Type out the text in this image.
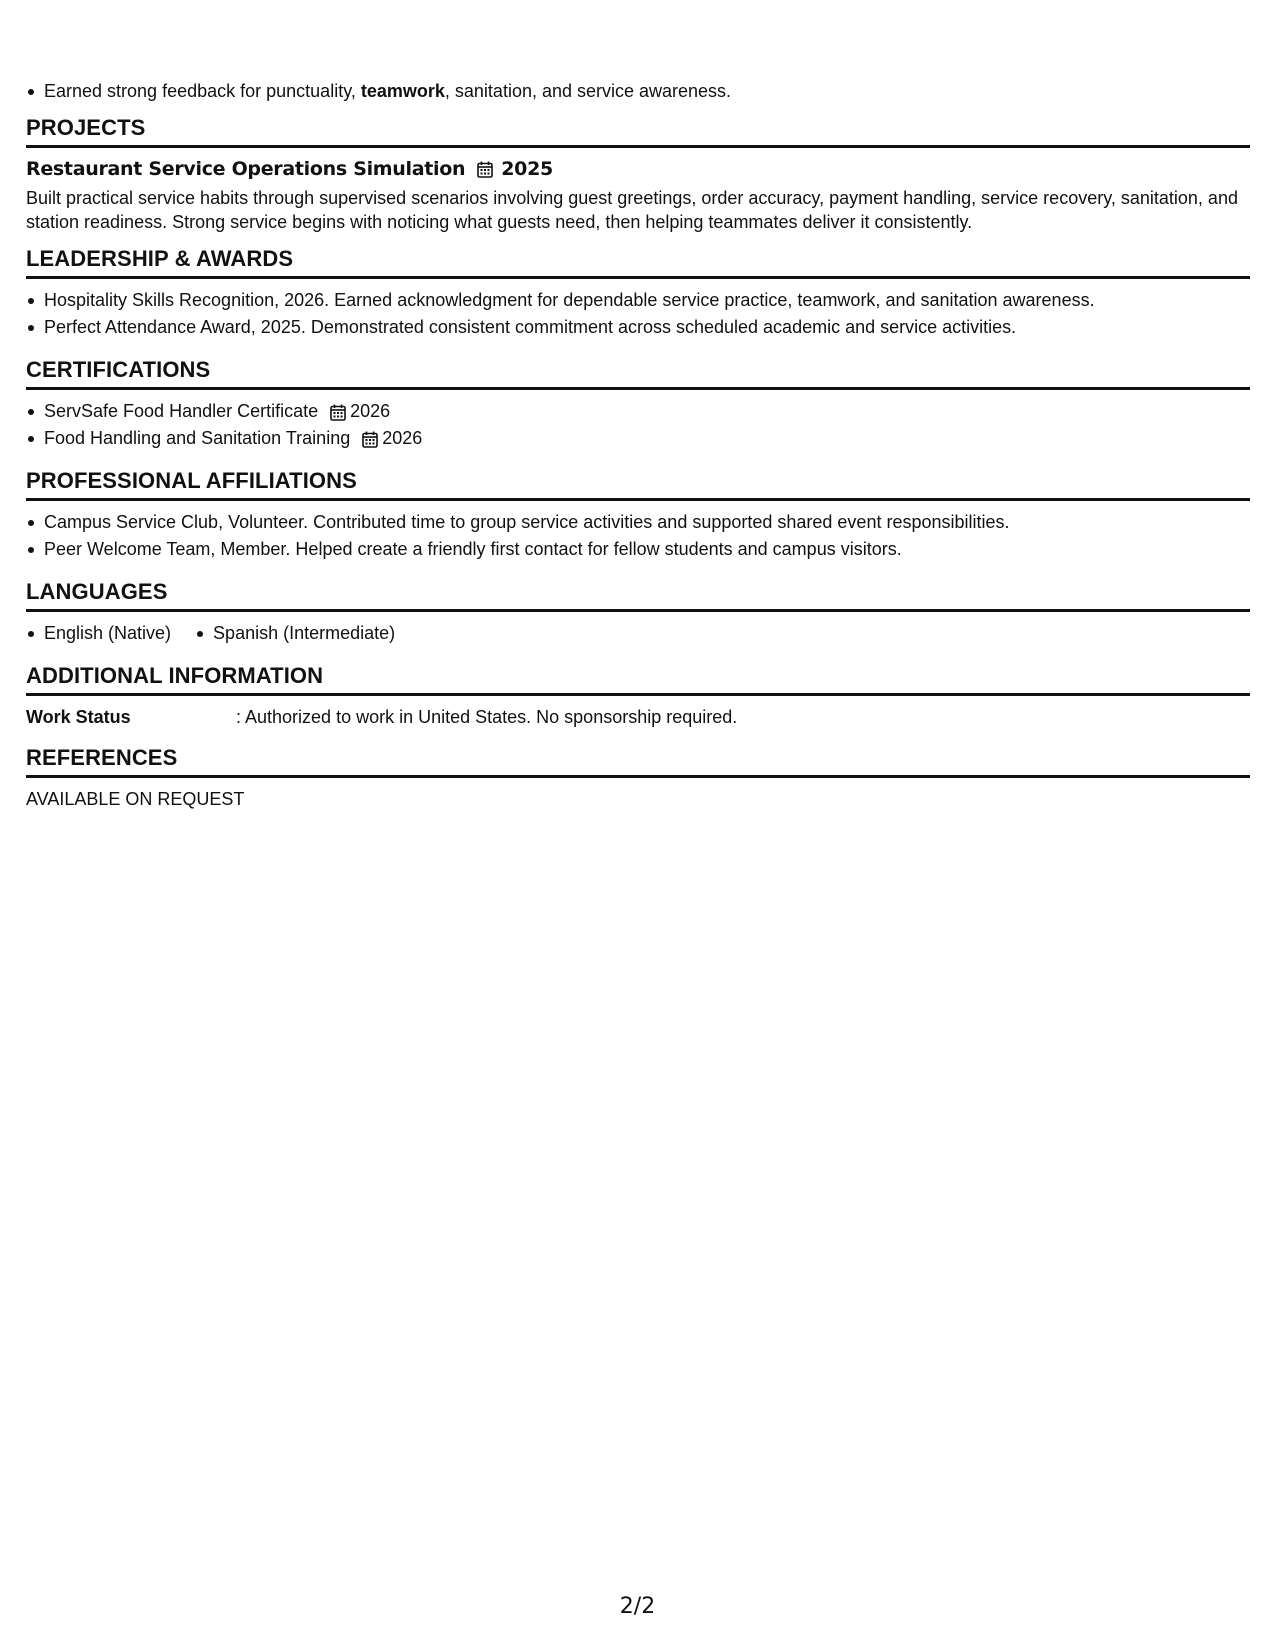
Earned strong feedback for punctuality, teamwork, sanitation, and service awareness.
PROJECTS
Restaurant Service Operations Simulation 2025
Built practical service habits through supervised scenarios involving guest greetings, order accuracy, payment handling, service recovery, sanitation, and station readiness. Strong service begins with noticing what guests need, then helping teammates deliver it consistently.
LEADERSHIP & AWARDS
Hospitality Skills Recognition, 2026. Earned acknowledgment for dependable service practice, teamwork, and sanitation awareness.
Perfect Attendance Award, 2025. Demonstrated consistent commitment across scheduled academic and service activities.
CERTIFICATIONS
ServSafe Food Handler Certificate 2026
Food Handling and Sanitation Training 2026
PROFESSIONAL AFFILIATIONS
Campus Service Club, Volunteer. Contributed time to group service activities and supported shared event responsibilities.
Peer Welcome Team, Member. Helped create a friendly first contact for fellow students and campus visitors.
LANGUAGES
English (Native) Spanish (Intermediate)
ADDITIONAL INFORMATION
Work Status	: Authorized to work in United States. No sponsorship required.
REFERENCES
AVAILABLE ON REQUEST
2/2
